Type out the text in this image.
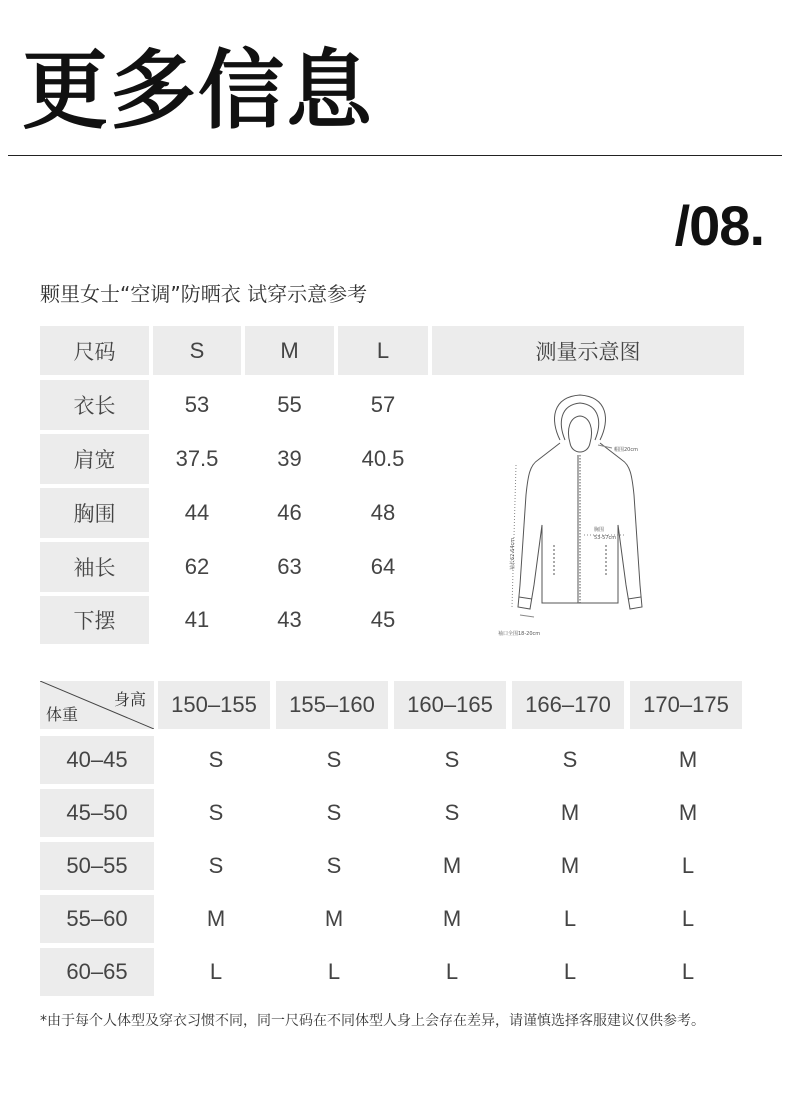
更多信息
/08.
颗里女士“空调”防晒衣 试穿示意参考
尺码	S	M	L	测量示意图
衣长	53	55	57
肩宽	37.5	39	40.5
胸围	44	46	48
袖长	62	63	64
下摆	41	43	45
帽围20cm
胸围
53-57cm
袖长62-64cm
袖口全围18-20cm
身高
体重	150–155	155–160	160–165	166–170	170–175
40–45	S	S	S	S	M
45–50	S	S	S	M	M
50–55	S	S	M	M	L
55–60	M	M	M	L	L
60–65	L	L	L	L	L
*由于每个人体型及穿衣习惯不同，同一尺码在不同体型人身上会存在差异，请谨慎选择客服建议仅供参考。
